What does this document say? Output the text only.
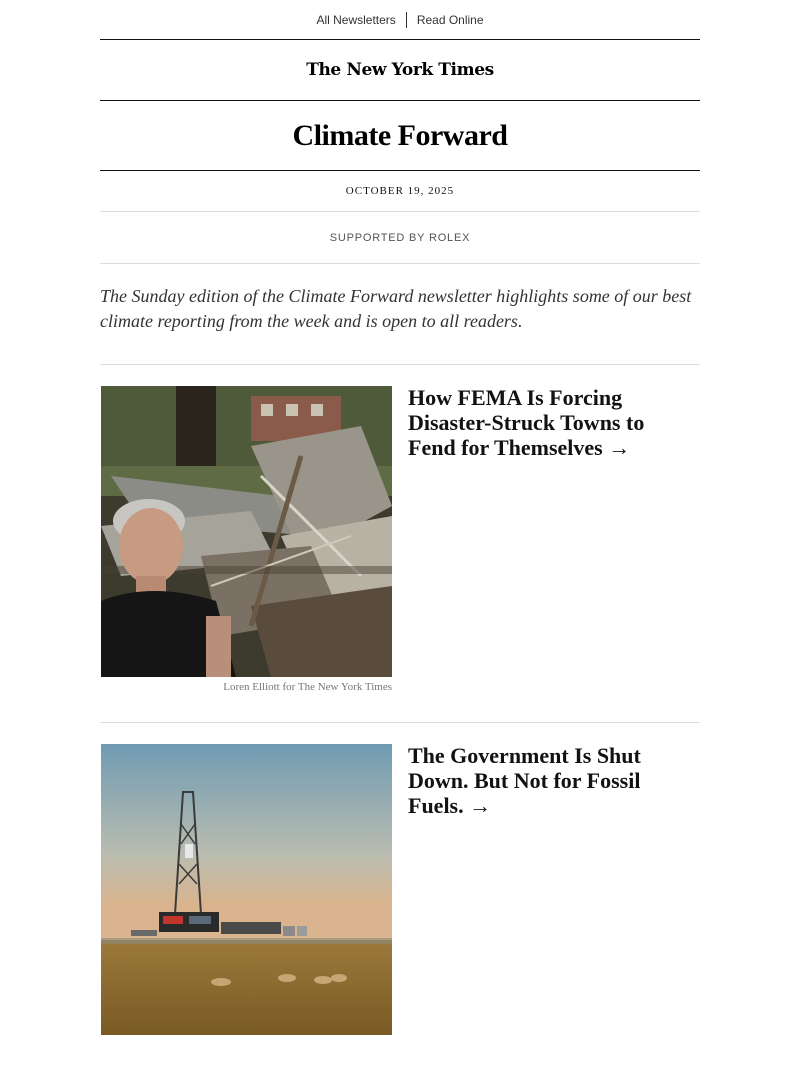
All Newsletters	Read Online
The New York Times
Climate Forward
OCTOBER 19, 2025
SUPPORTED BY ROLEX
The Sunday edition of the Climate Forward newsletter highlights some of our best climate reporting from the week and is open to all readers.
Loren Elliott for The New York Times
How FEMA Is Forcing Disaster-Struck Towns to Fend for Themselves →
The Government Is Shut Down. But Not for Fossil Fuels. →
